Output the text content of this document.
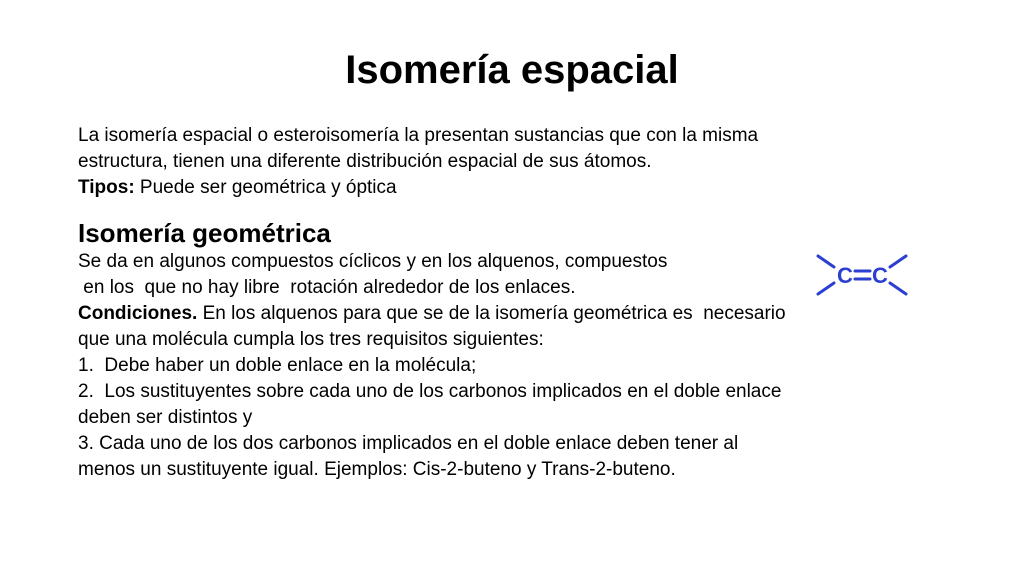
Isomería espacial

La isomería espacial o esteroisomería la presentan sustancias que con la misma

estructura, tienen una diferente distribución espacial de sus átomos.

Tipos: Puede ser geométrica y óptica

Isomería geométrica

Se da en algunos compuestos cíclicos y en los alquenos, compuestos

en los  que no hay libre  rotación alrededor de los enlaces.

Condiciones. En los alquenos para que se de la isomería geométrica es  necesario

que una molécula cumpla los tres requisitos siguientes:

1.  Debe haber un doble enlace en la molécula;

2.  Los sustituyentes sobre cada uno de los carbonos implicados en el doble enlace

deben ser distintos y

3. Cada uno de los dos carbonos implicados en el doble enlace deben tener al

menos un sustituyente igual. Ejemplos: Cis-2-buteno y Trans-2-buteno.

C C
